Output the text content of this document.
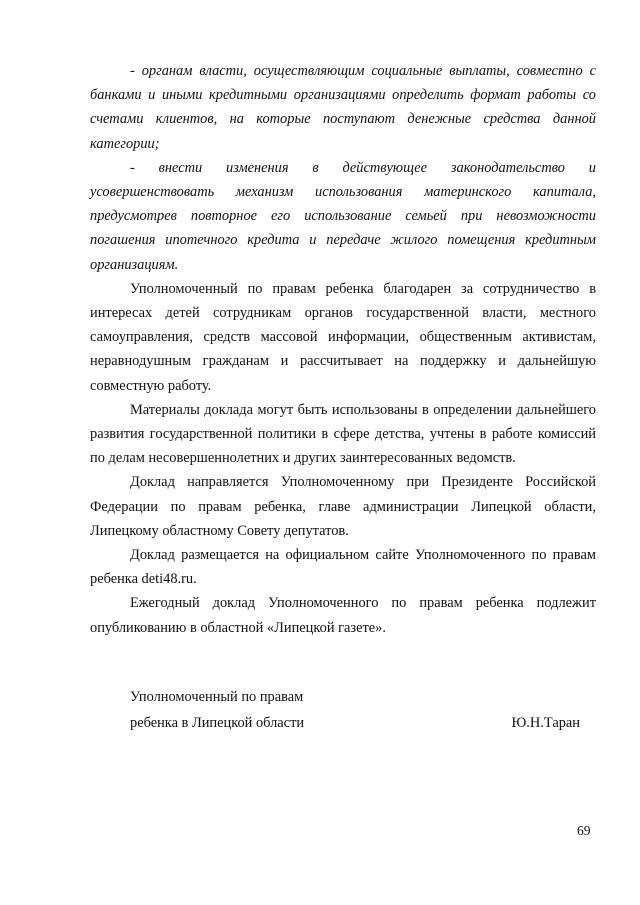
- органам власти, осуществляющим социальные выплаты, совместно с банками и иными кредитными организациями определить формат работы со счетами клиентов, на которые поступают денежные средства данной категории;

- внести изменения в действующее законодательство и усовершенствовать механизм использования материнского капитала, предусмотрев повторное его использование семьей при невозможности погашения ипотечного кредита и передаче жилого помещения кредитным организациям.

Уполномоченный по правам ребенка благодарен за сотрудничество в интересах детей сотрудникам органов государственной власти, местного самоуправления, средств массовой информации, общественным активистам, неравнодушным гражданам и рассчитывает на поддержку и дальнейшую совместную работу.

Материалы доклада могут быть использованы в определении дальнейшего развития государственной политики в сфере детства, учтены в работе комиссий по делам несовершеннолетних и других заинтересованных ведомств.

Доклад направляется Уполномоченному при Президенте Российской Федерации по правам ребенка, главе администрации Липецкой области, Липецкому областному Совету депутатов.

Доклад размещается на официальном сайте Уполномоченного по правам ребенка deti48.ru.

Ежегодный доклад Уполномоченного по правам ребенка подлежит опубликованию в областной «Липецкой газете».

Уполномоченный по правам
ребенка в Липецкой области	Ю.Н.Таран
69
